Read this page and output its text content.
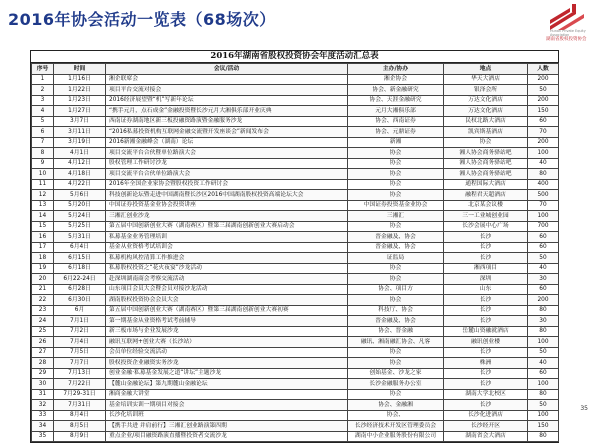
2016年协会活动一览表（68场次）
Hunan Private Equity Association
湖南省股权投资协会
2016年湖南省股权投资协会年度活动汇总表
序号	时间	会议/活动	主办/协办	地点	人数
1	1月16日	湘企联席会	湘企协会	华天大酒店	200
2	1月22日	项目平台交流对接会	协会、新金融研究	银泽会所	50
3	1月23日	2016经济展望暨“机”写新年论坛	协会、天涯金融研究	万达文化酒店	200
4	1月27日	“携手元月，点石成金”金融投资暨长沙元月大湘俱乐部开业庆典	元月大湘俱乐部	万达文化酒店	150
5	3月7日	西南证券湖南地区新三板投融资路演暨金融服务沙龙	协会、西南证券	民权北路大酒店	60
6	3月11日	“2016私募投资机构互联网金融交流暨开发座谈会”新闻发布会	协会、元鼎证券	凯宾斯基酒店	70
7	3月19日	2016新湘金融峰会（湖南）论坛	新湘	协会	200
8	4月1日	项目交流平台合伙暨单位路演大会	协会	湘人协会商务驿站吧	100
9	4月12日	股权管理工作研讨沙龙	协会	湘人协会商务驿站吧	40
10	4月18日	项目交流平台合伙单位路演大会	协会	湘人协会商务驿站吧	80
11	4月22日	2016年全国企业家协会暨股权投资工作研讨会	协会	通程国际大酒店	400
12	5月6日	科技创新论坛暨走进中国湖南暨长沙区2016中国湖南股权投资高端论坛大会	协会	融程君天超酒店	500
13	5月20日	中国证券投资基金业协会投资讲座	中国证券投资基金业协会	北京某会议楼	70
14	5月24日	三湘汇创业沙龙	三湘汇	三一工业城创业园	100
15	5月25日	第五届中国创新创业大赛（湖南赛区）暨第三届湖南创新创业大赛启动会	协会	长沙会展中心广场	700
16	5月31日	私募基金业务管理培训	晋金融及、协会	长沙	60
17	6月4日	基金从业资格考试培训会	晋金融及、协会	长沙	60
18	6月15日	私募机构风控清算工作推进会	证监局	长沙	50
19	6月18日	私募股权投资之“花火夜宴”沙龙活动	协会	湘西项目	40
20	6月22-24日	赴深圳湖南商会考察交流活动	协会	深圳	30
21	6月28日	山东项目会员大会暨会员对接沙龙活动	协会、项目方	山东	60
22	6月30日	湖南股权投资协会会员大会	协会	长沙	200
23	6月	第五届中国创新创业大赛（湖南赛区）暨第三届湖南创新创业大赛初赛	科技厅、协会	长沙	80
24	7月1日	第一期基金从业资格考试考前辅导	晋金融及、协会	长沙	30
25	7月2日	新三板市场与企业发展沙龙	协会、晋金融	岳麓山资融就酒店	80
26	7月4日	融讯互联网+创业大赛（长沙站）	融讯、湘南融汇协会、凡客	融讯创业楼	100
27	7月5日	会员单位经验交流活动	协会	长沙	50
28	7月7日	股权投资企业融资实务沙龙	协会	株洲	40
29	7月13日	创业金融·私募基金发展之道“讲坛”主题沙龙	创始基金、沙龙之家	长沙	60
30	7月22日	【麓山金融论坛】第九期麓山金融论坛	长沙金融服务办公室	长沙	100
31	7月29-31日	湘商金融大讲堂	协会	湖南大学北校区	80
32	7月31日	基金培训实训一期项目对接会	协会、金融湘	长沙	50
33	8月4日	长沙化培训班	协会、	长沙化进酒店	100
34	8月5日	【携手共进 并肩前行】三湘汇创业路演第四期	长沙经济技术开发区管理委员会	长沙经开区	150
35	8月9日	重点企业/项目融资路演直播暨投资者交流沙龙	湖南中小企业服务股份有限公司	湖南省会大酒店	80
35
